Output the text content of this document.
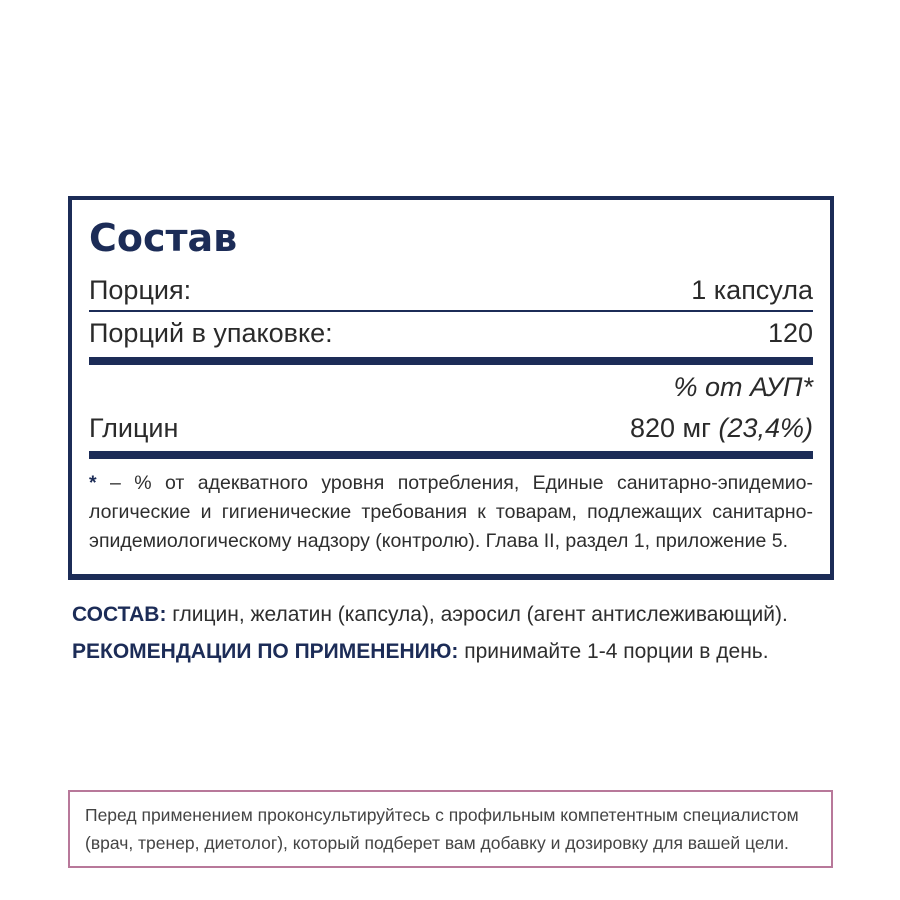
Состав
Порция:	1 капсула
Порций в упаковке:	120
% от АУП*
Глицин	820 мг (23,4%)
* – % от адекватного уровня потребления, Единые санитарно-эпидемиологические и гигиенические требования к товарам, подлежащих санитарно-эпидемиологическому надзору (контролю). Глава II, раздел 1, приложение 5.
СОСТАВ: глицин, желатин (капсула), аэросил (агент антислеживающий).
РЕКОМЕНДАЦИИ ПО ПРИМЕНЕНИЮ: принимайте 1-4 порции в день.
Перед применением проконсультируйтесь с профильным компетентным специалистом (врач, тренер, диетолог), который подберет вам добавку и дозировку для вашей цели.
